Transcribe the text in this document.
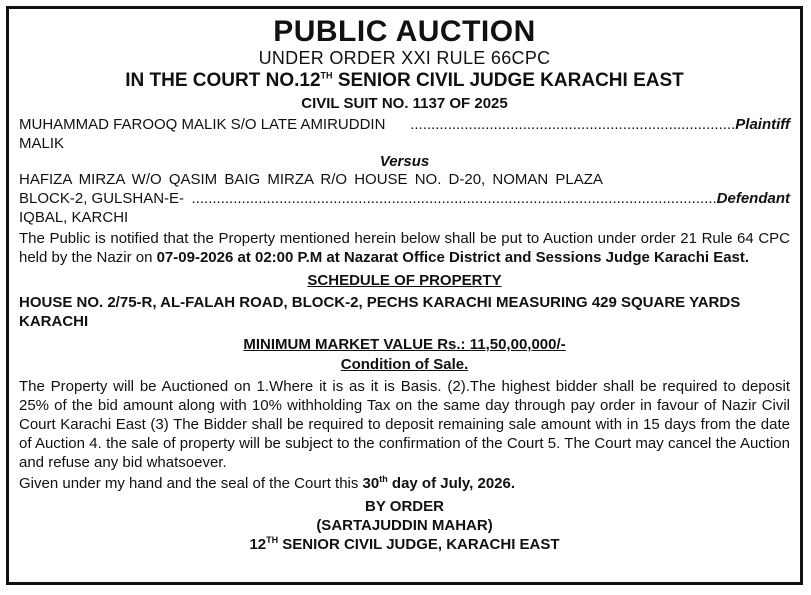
PUBLIC AUCTION
UNDER ORDER XXI RULE 66CPC
IN THE COURT NO.12TH SENIOR CIVIL JUDGE KARACHI EAST
CIVIL SUIT NO. 1137 OF 2025
MUHAMMAD FAROOQ MALIK S/O LATE AMIRUDDIN MALIK
.............................................................................. Plaintiff
Versus
HAFIZA MIRZA W/O QASIM BAIG MIRZA R/O HOUSE NO. D-20, NOMAN PLAZA
BLOCK-2, GULSHAN-E-IQBAL, KARCHI
.............................................................................................................................. Defendant
The Public is notified that the Property mentioned herein below shall be put to Auction under order 21 Rule 64 CPC held by the Nazir on 07-09-2026 at 02:00 P.M at Nazarat Office District and Sessions Judge Karachi East.
SCHEDULE OF PROPERTY
HOUSE NO. 2/75-R, AL-FALAH ROAD, BLOCK-2, PECHS KARACHI MEASURING 429 SQUARE YARDS KARACHI
MINIMUM MARKET VALUE Rs.: 11,50,00,000/-
Condition of Sale.
The Property will be Auctioned on 1.Where it is as it is Basis. (2).The highest bidder shall be required to deposit 25% of the bid amount along with 10% withholding Tax on the same day through pay order in favour of Nazir Civil Court Karachi East (3) The Bidder shall be required to deposit remaining sale amount with in 15 days from the date of Auction 4. the sale of property will be subject to the confirmation of the Court 5. The Court may cancel the Auction and refuse any bid whatsoever.
Given under my hand and the seal of the Court this 30th day of July, 2026.
BY ORDER
(SARTAJUDDIN MAHAR)
12TH SENIOR CIVIL JUDGE, KARACHI EAST
